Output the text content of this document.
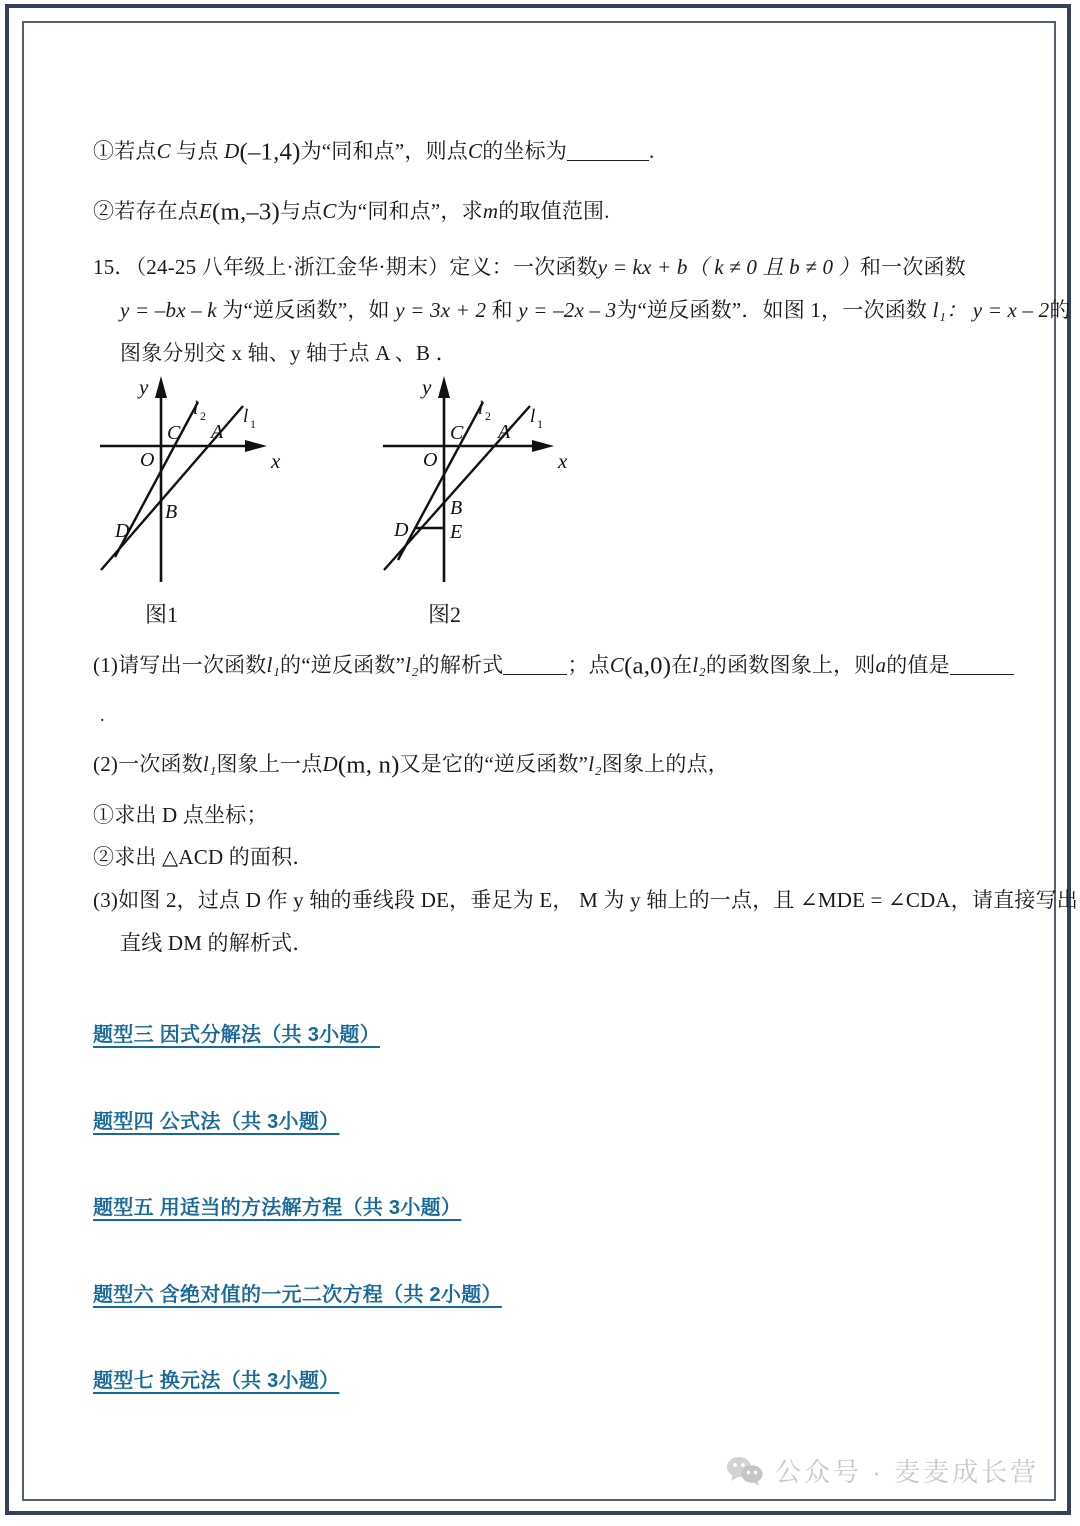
①若点C 与点 D(–1,4)为“同和点”，则点C的坐标为	.
②若存在点E(m,–3)与点C为“同和点”，求m的取值范围.
15．（24-25 八年级上·浙江金华·期末）定义：一次函数y = kx + b（ k ≠ 0 且 b ≠ 0 ）和一次函数
y = –bx – k 为“逆反函数”，如 y = 3x + 2 和 y = –2x – 3为“逆反函数”．如图 1，一次函数 l₁： y = x – 2的
图象分别交 x 轴、y 轴于点 A 、B ．
y
x
O
C A
B
D
l 2 l 1
图1
y
x
O
C A
B
E
D
l 2 l 1
图2
(1)请写出一次函数l₁的“逆反函数”l₂的解析式	；点C(a,0)在l₂的函数图象上，则a的值是
.
(2)一次函数l₁图象上一点D(m, n)又是它的“逆反函数”l₂图象上的点，
①求出 D 点坐标；
②求出 △ACD 的面积．
(3)如图 2，过点 D 作 y 轴的垂线段 DE，垂足为 E， M 为 y 轴上的一点，且 ∠MDE = ∠CDA，请直接写出
直线 DM 的解析式．
题型三 因式分解法（共 3小题）
题型四 公式法（共 3小题）
题型五 用适当的方法解方程（共 3小题）
题型六 含绝对值的一元二次方程（共 2小题）
题型七 换元法（共 3小题）
公众号 · 麦麦成长营
